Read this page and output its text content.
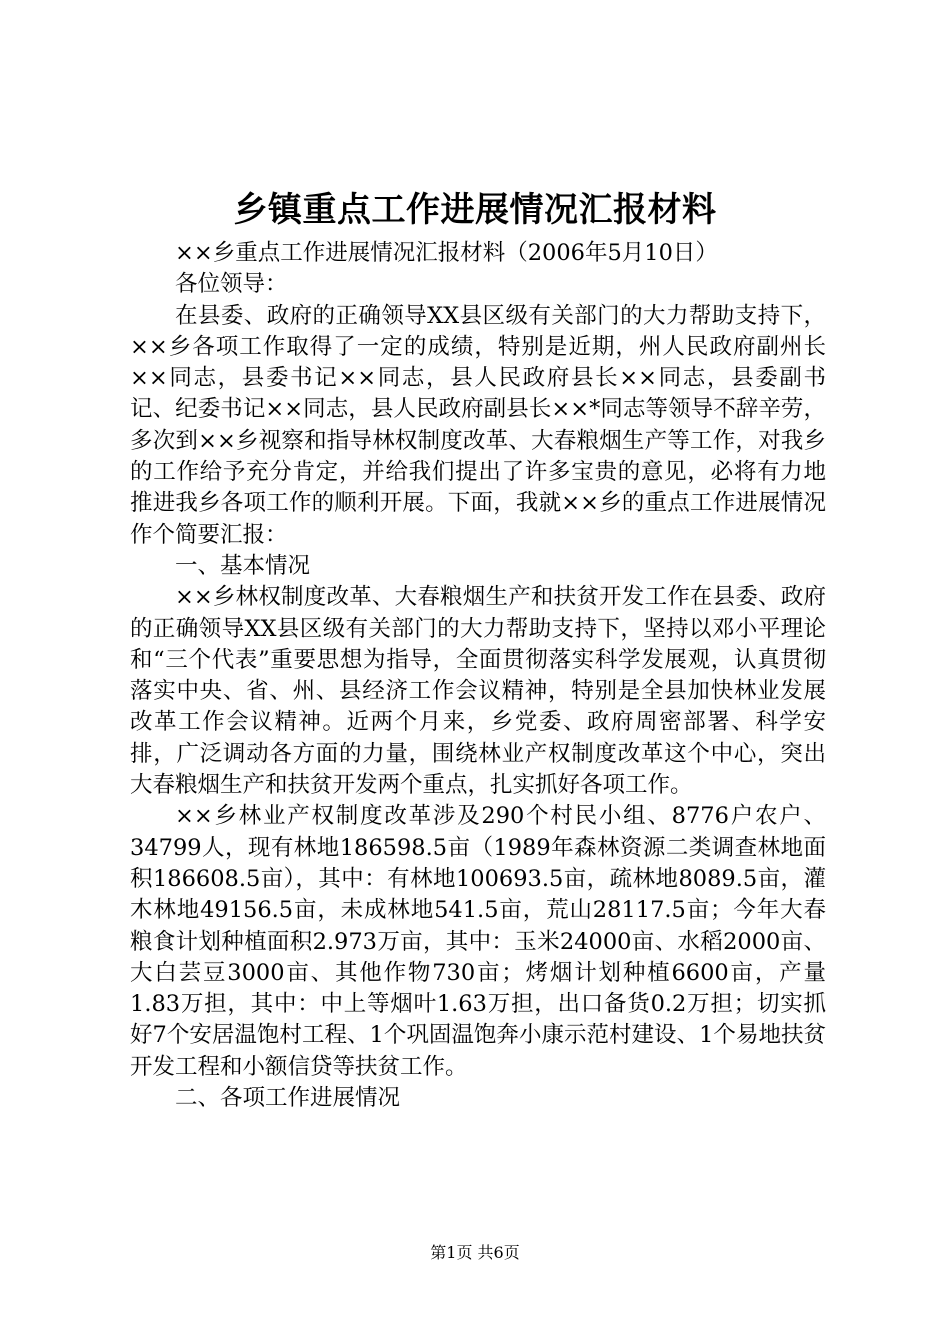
乡镇重点工作进展情况汇报材料

××乡重点工作进展情况汇报材料（2006年5月10日）

各位领导：

在县委、政府的正确领导XX县区级有关部门的大力帮助支持下，××乡各项工作取得了一定的成绩，特别是近期，州人民政府副州长××同志，县委书记××同志，县人民政府县长××同志，县委副书记、纪委书记××同志，县人民政府副县长××*同志等领导不辞辛劳，多次到××乡视察和指导林权制度改革、大春粮烟生产等工作，对我乡的工作给予充分肯定，并给我们提出了许多宝贵的意见，必将有力地推进我乡各项工作的顺利开展。下面，我就××乡的重点工作进展情况作个简要汇报：

一、基本情况

××乡林权制度改革、大春粮烟生产和扶贫开发工作在县委、政府的正确领导XX县区级有关部门的大力帮助支持下，坚持以邓小平理论和“三个代表”重要思想为指导，全面贯彻落实科学发展观，认真贯彻落实中央、省、州、县经济工作会议精神，特别是全县加快林业发展改革工作会议精神。近两个月来，乡党委、政府周密部署、科学安排，广泛调动各方面的力量，围绕林业产权制度改革这个中心，突出大春粮烟生产和扶贫开发两个重点，扎实抓好各项工作。

××乡林业产权制度改革涉及290个村民小组、8776户农户、34799人，现有林地186598.5亩（1989年森林资源二类调查林地面积186608.5亩），其中：有林地100693.5亩，疏林地8089.5亩，灌木林地49156.5亩，未成林地541.5亩，荒山28117.5亩；今年大春粮食计划种植面积2.973万亩，其中：玉米24000亩、水稻2000亩、大白芸豆3000亩、其他作物730亩；烤烟计划种植6600亩，产量1.83万担，其中：中上等烟叶1.63万担，出口备货0.2万担；切实抓好7个安居温饱村工程、1个巩固温饱奔小康示范村建设、1个易地扶贫开发工程和小额信贷等扶贫工作。

二、各项工作进展情况

第1页 共6页
